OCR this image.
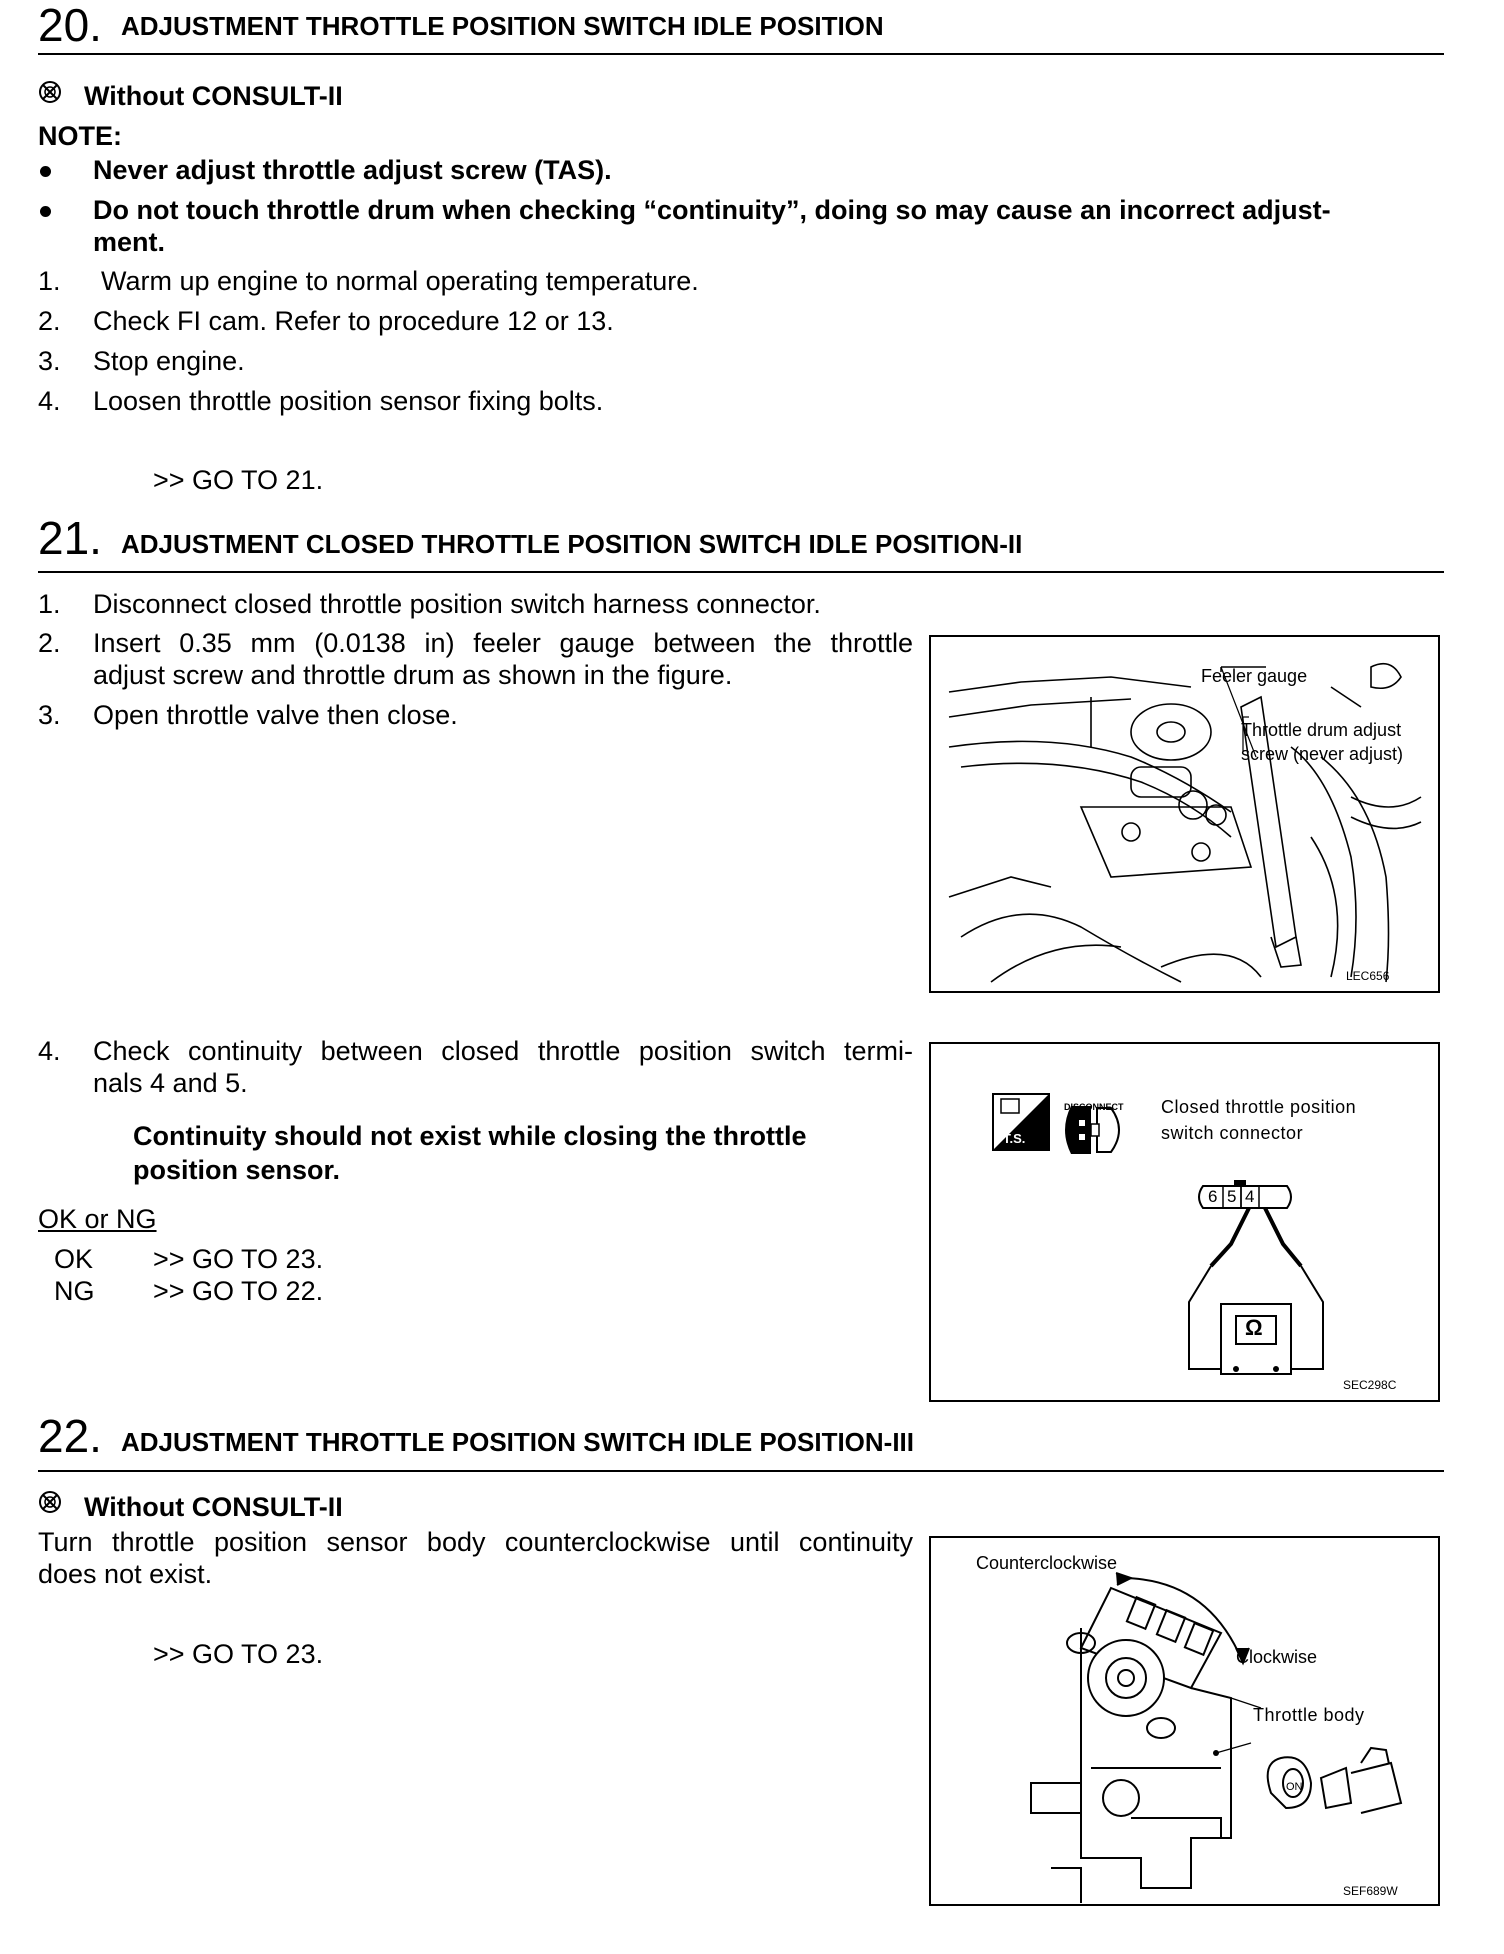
20. ADJUSTMENT THROTTLE POSITION SWITCH IDLE POSITION
Without CONSULT-II
NOTE:
Never adjust throttle adjust screw (TAS).
Do not touch throttle drum when checking “continuity”, doing so may cause an incorrect adjust-
ment.
1. Warm up engine to normal operating temperature.
2. Check FI cam. Refer to procedure 12 or 13.
3. Stop engine.
4. Loosen throttle position sensor fixing bolts.
>> GO TO 21.
21. ADJUSTMENT CLOSED THROTTLE POSITION SWITCH IDLE POSITION-II
1. Disconnect closed throttle position switch harness connector.
2. Insert 0.35 mm (0.0138 in) feeler gauge between the throttle
adjust screw and throttle drum as shown in the figure.
3. Open throttle valve then close.
Feeler gauge
Throttle drum adjust
screw (never adjust)
LEC656
4. Check continuity between closed throttle position switch termi-
nals 4 and 5.
Continuity should not exist while closing the throttle
position sensor.
OK or NG
OK >> GO TO 23.
NG >> GO TO 22.
DISCONNECT
T.S.
Closed throttle position
switch connector
6 5 4
Ω
SEC298C
22. ADJUSTMENT THROTTLE POSITION SWITCH IDLE POSITION-III
Without CONSULT-II
Turn throttle position sensor body counterclockwise until continuity
does not exist.
>> GO TO 23.
Counterclockwise
Clockwise
Throttle body
ON
SEF689W
